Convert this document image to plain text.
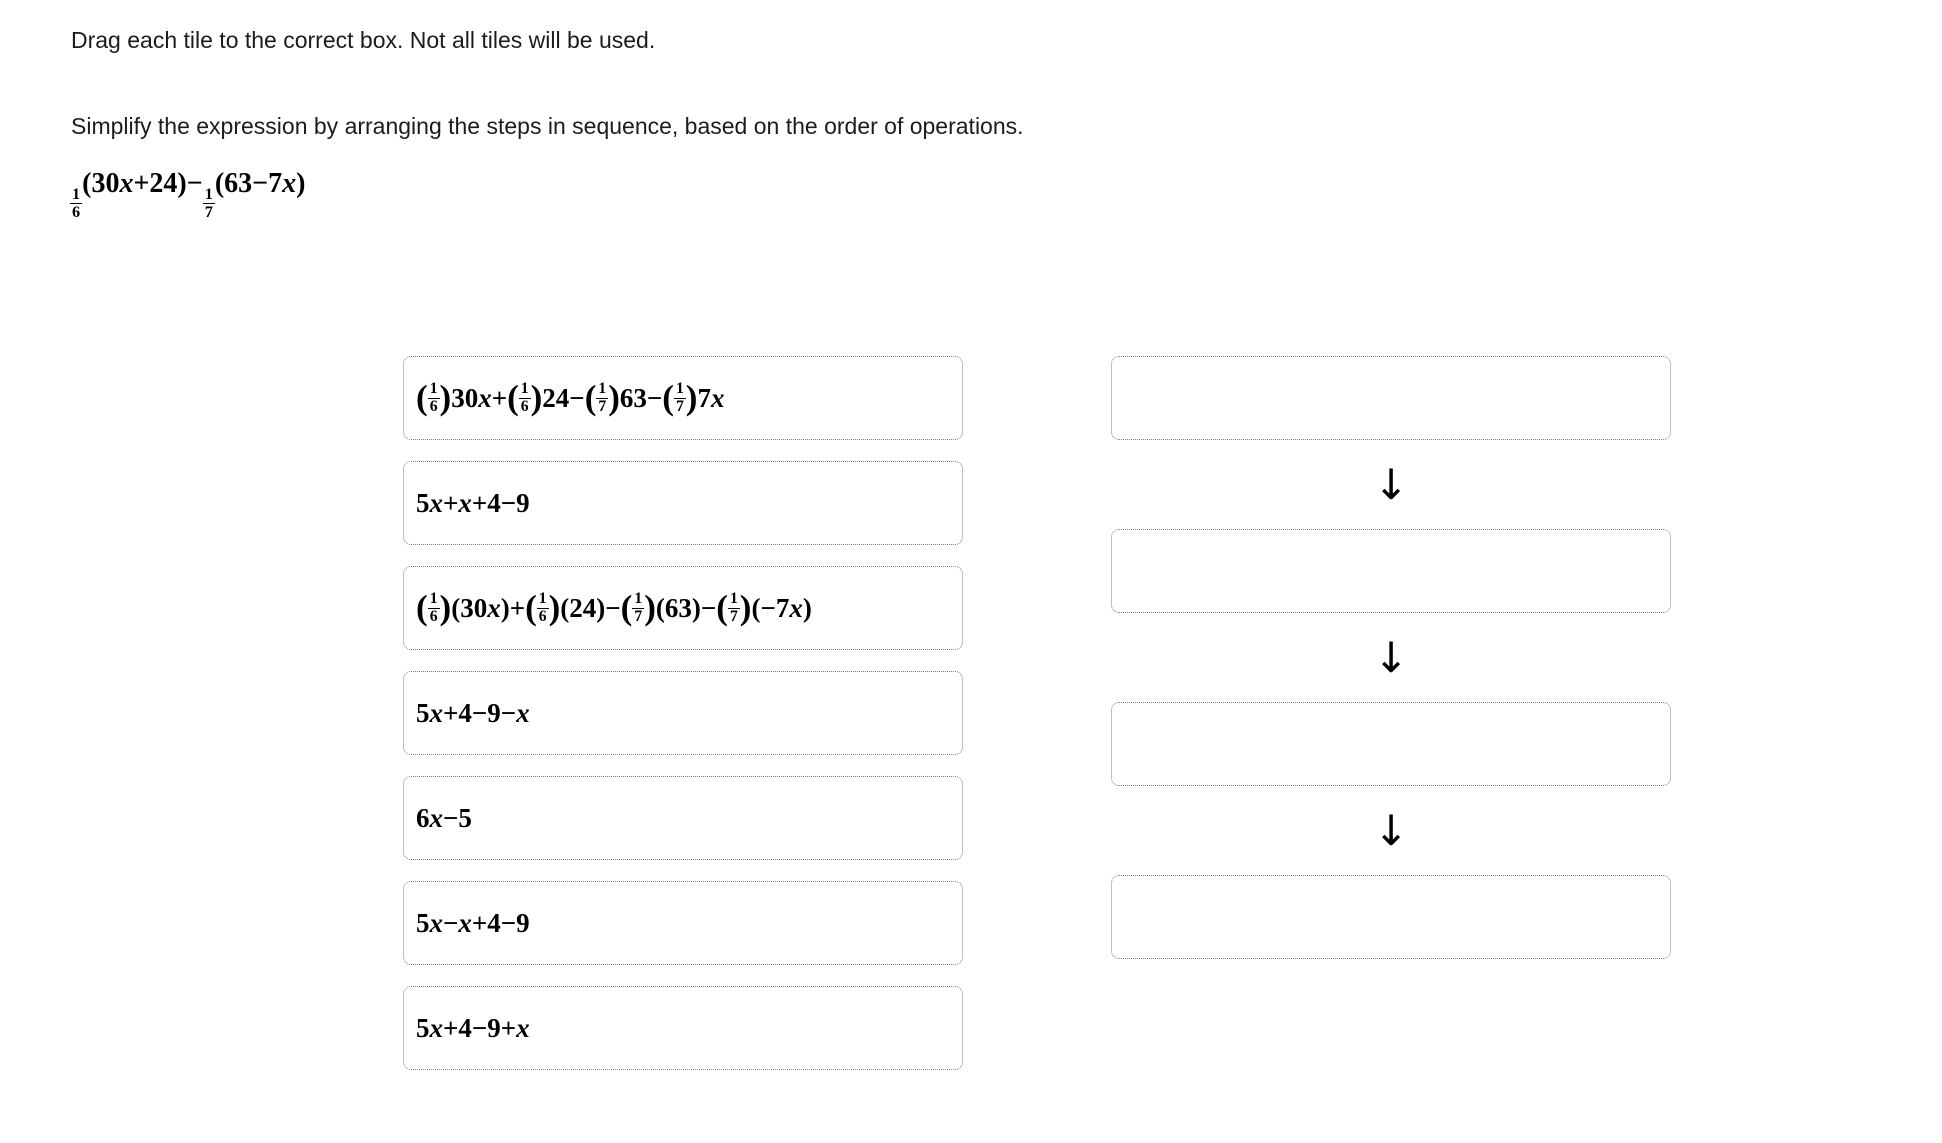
Drag each tile to the correct box. Not all tiles will be used.

Simplify the expression by arranging the steps in sequence, based on the order of operations.

$\frac{1}{6}$
(30x+24)−
$\frac{1}{7}$
(63−7x)
( $\frac{1}{6}$ ) 30 x + ( $\frac{1}{6}$ ) 24− ( $\frac{1}{7}$ ) 63− ( $\frac{1}{7}$ ) 7 x
5 x + x +4−9
( $\frac{1}{6}$ ) (30 x )+ ( $\frac{1}{6}$ ) (24)− ( $\frac{1}{7}$ ) (63)− ( $\frac{1}{7}$ ) (−7 x )
5 x +4−9− x
6 x −5
5 x − x +4−9
5 x +4−9+ x
↓
↓
↓
